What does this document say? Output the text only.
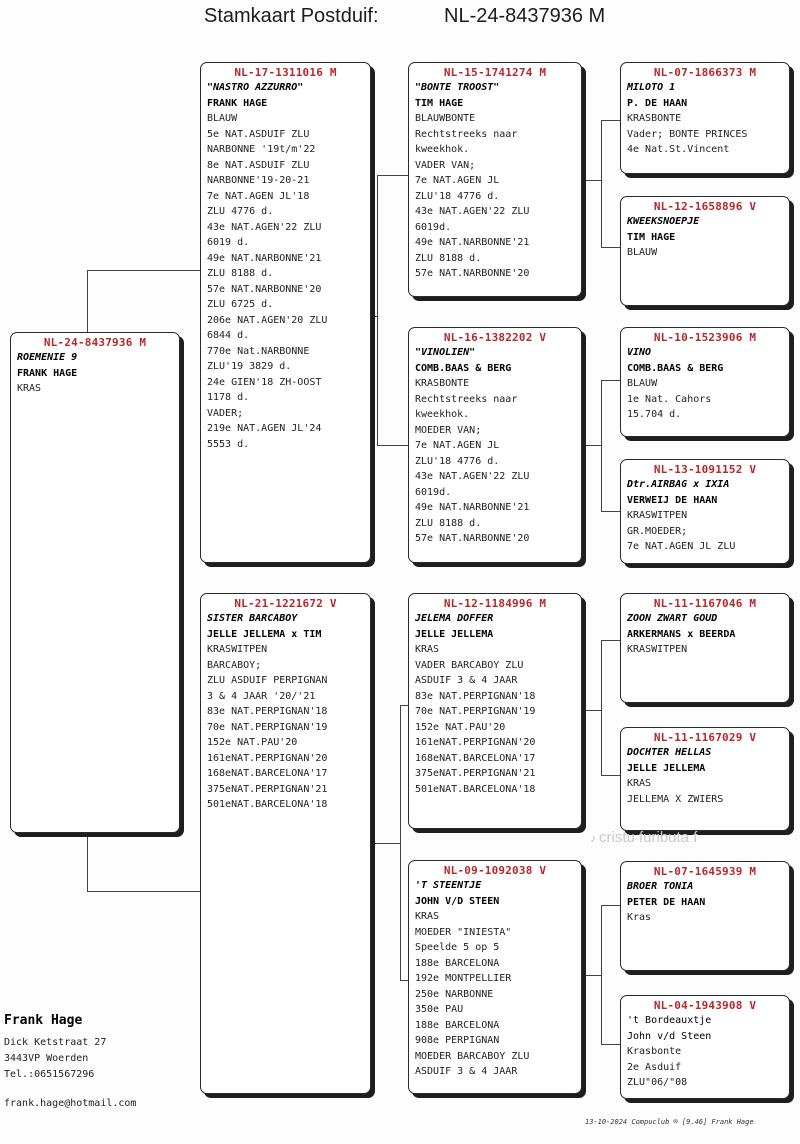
Stamkaart Postduif:	NL-24-8437936 M
NL-24-8437936 M
ROEMENIE 9
FRANK HAGE
KRAS
NL-17-1311016 M
"NASTRO AZZURRO"
FRANK HAGE
BLAUW
5e NAT.ASDUIF ZLU
NARBONNE '19t/m'22
8e NAT.ASDUIF ZLU
NARBONNE'19-20-21
7e NAT.AGEN JL'18
ZLU 4776 d.
43e NAT.AGEN'22 ZLU
6019 d.
49e NAT.NARBONNE'21
ZLU 8188 d.
57e NAT.NARBONNE'20
ZLU 6725 d.
206e NAT.AGEN'20 ZLU
6844 d.
770e Nat.NARBONNE
ZLU'19 3829 d.
24e GIEN'18 ZH-OOST
1178 d.
VADER;
219e NAT.AGEN JL'24
5553 d.
NL-21-1221672 V
SISTER BARCABOY
JELLE JELLEMA x TIM
KRASWITPEN
BARCABOY;
ZLU ASDUIF PERPIGNAN
3 & 4 JAAR '20/'21
83e NAT.PERPIGNAN'18
70e NAT.PERPIGNAN'19
152e NAT.PAU'20
161eNAT.PERPIGNAN'20
168eNAT.BARCELONA'17
375eNAT.PERPIGNAN'21
501eNAT.BARCELONA'18
NL-15-1741274 M
"BONTE TROOST"
TIM HAGE
BLAUWBONTE
Rechtstreeks naar
kweekhok.
VADER VAN;
7e NAT.AGEN JL
ZLU'18 4776 d.
43e NAT.AGEN'22 ZLU
6019d.
49e NAT.NARBONNE'21
ZLU 8188 d.
57e NAT.NARBONNE'20
NL-16-1382202 V
"VINOLIEN"
COMB.BAAS & BERG
KRASBONTE
Rechtstreeks naar
kweekhok.
MOEDER VAN;
7e NAT.AGEN JL
ZLU'18 4776 d.
43e NAT.AGEN'22 ZLU
6019d.
49e NAT.NARBONNE'21
ZLU 8188 d.
57e NAT.NARBONNE'20
NL-12-1184996 M
JELEMA DOFFER
JELLE JELLEMA
KRAS
VADER BARCABOY ZLU
ASDUIF 3 & 4 JAAR
83e NAT.PERPIGNAN'18
70e NAT.PERPIGNAN'19
152e NAT.PAU'20
161eNAT.PERPIGNAN'20
168eNAT.BARCELONA'17
375eNAT.PERPIGNAN'21
501eNAT.BARCELONA'18
NL-09-1092038 V
'T STEENTJE
JOHN V/D STEEN
KRAS
MOEDER "INIESTA"
Speelde 5 op 5
188e BARCELONA
192e MONTPELLIER
250e NARBONNE
350e PAU
188e BARCELONA
908e PERPIGNAN
MOEDER BARCABOY ZLU
ASDUIF 3 & 4 JAAR
NL-07-1866373 M
MILOTO 1
P. DE HAAN
KRASBONTE
Vader; BONTE PRINCES
4e Nat.St.Vincent
NL-12-1658896 V
KWEEKSNOEPJE
TIM HAGE
BLAUW
NL-10-1523906 M
VINO
COMB.BAAS & BERG
BLAUW
1e Nat. Cahors
15.704 d.
NL-13-1091152 V
Dtr.AIRBAG x IXIA
VERWEIJ DE HAAN
KRASWITPEN
GR.MOEDER;
7e NAT.AGEN JL ZLU
NL-11-1167046 M
ZOON ZWART GOUD
ARKERMANS x BEERDA
KRASWITPEN
NL-11-1167029 V
DOCHTER HELLAS
JELLE JELLEMA
KRAS
JELLEMA X ZWIERS
♪ cristu fuributa f
NL-07-1645939 M
BROER TONIA
PETER DE HAAN
Kras
NL-04-1943908 V
't Bordeauxtje
John v/d Steen
Krasbonte
2e Asduif
ZLU"06/"08
Frank Hage
Dick Ketstraat 27
3443VP Woerden
Tel.:0651567296
frank.hage@hotmail.com
13-10-2024 Compuclub ® [9.46] Frank Hage
